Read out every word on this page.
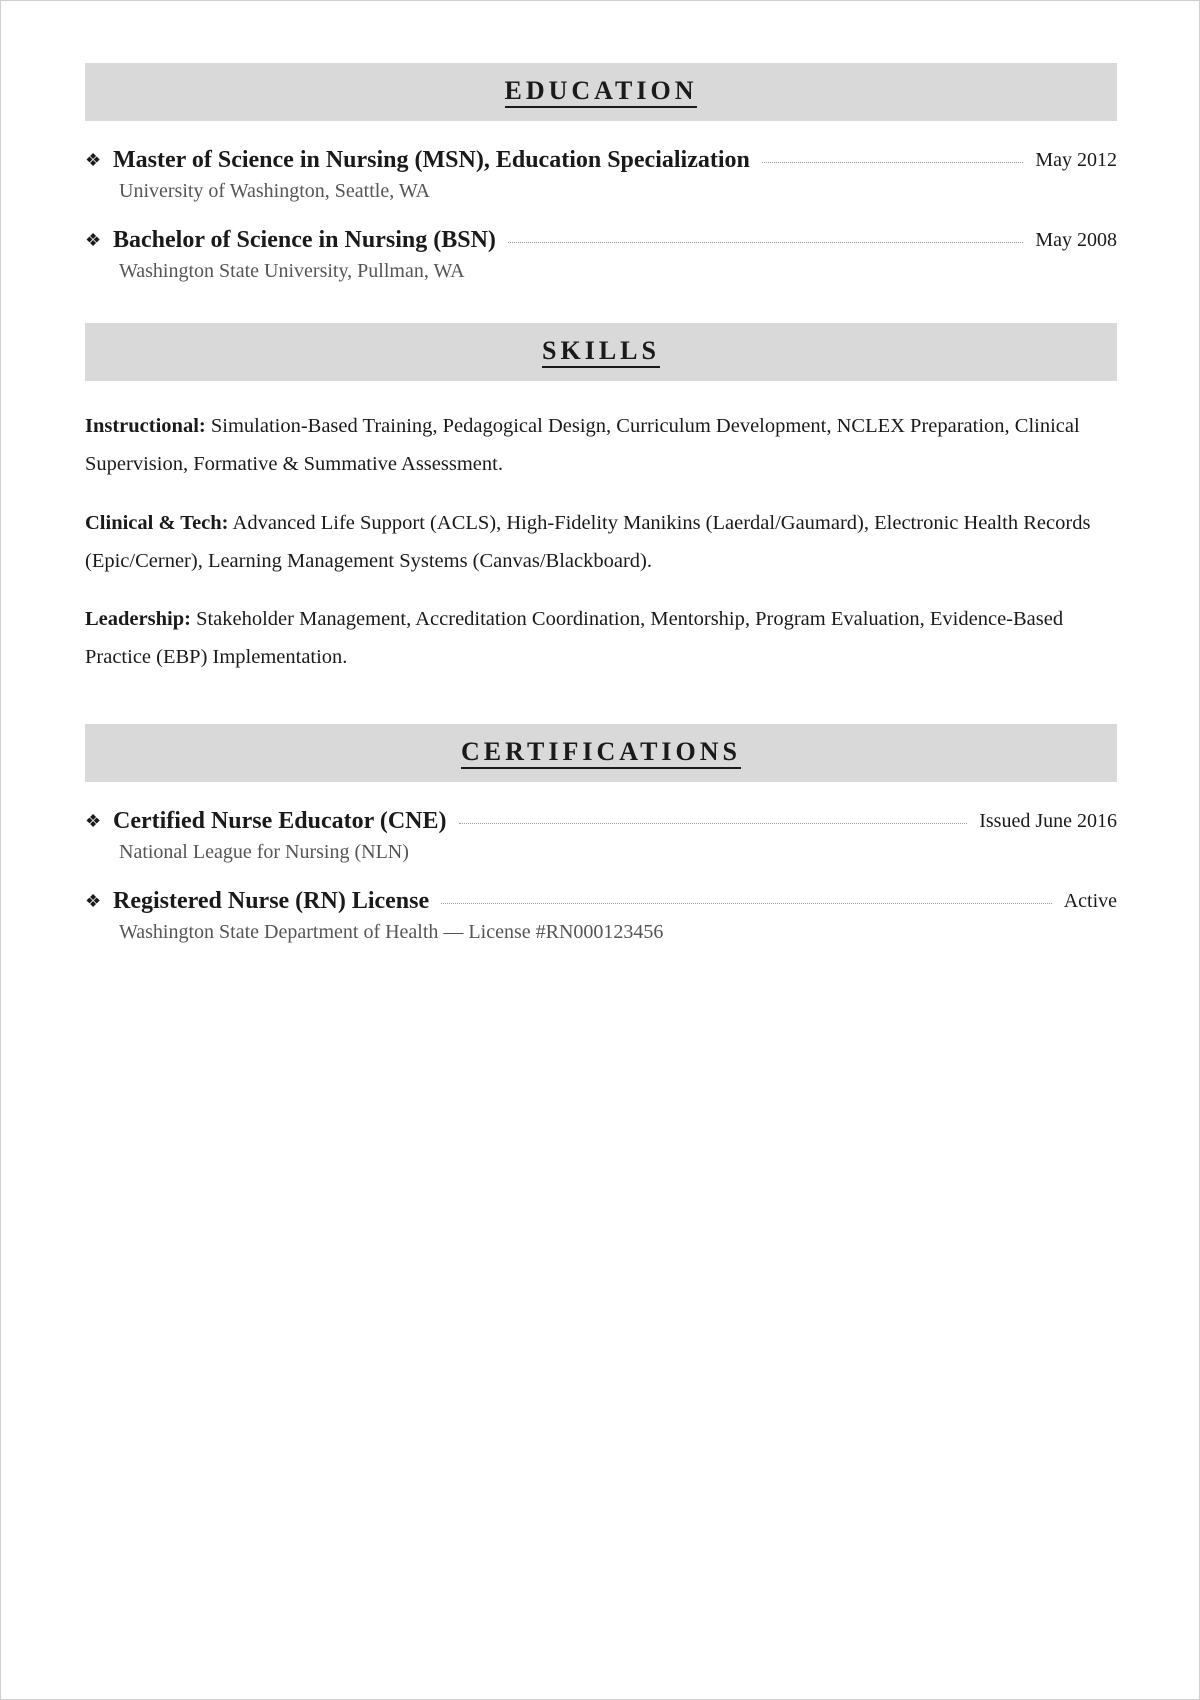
EDUCATION
❖ Master of Science in Nursing (MSN), Education Specialization	May 2012
University of Washington, Seattle, WA
❖ Bachelor of Science in Nursing (BSN)	May 2008
Washington State University, Pullman, WA
SKILLS

Instructional: Simulation-Based Training, Pedagogical Design, Curriculum Development, NCLEX Preparation, Clinical Supervision, Formative & Summative Assessment.

Clinical & Tech: Advanced Life Support (ACLS), High-Fidelity Manikins (Laerdal/Gaumard), Electronic Health Records (Epic/Cerner), Learning Management Systems (Canvas/Blackboard).

Leadership: Stakeholder Management, Accreditation Coordination, Mentorship, Program Evaluation, Evidence-Based Practice (EBP) Implementation.

CERTIFICATIONS
❖ Certified Nurse Educator (CNE)	Issued June 2016
National League for Nursing (NLN)
❖ Registered Nurse (RN) License	Active
Washington State Department of Health — License #RN000123456
